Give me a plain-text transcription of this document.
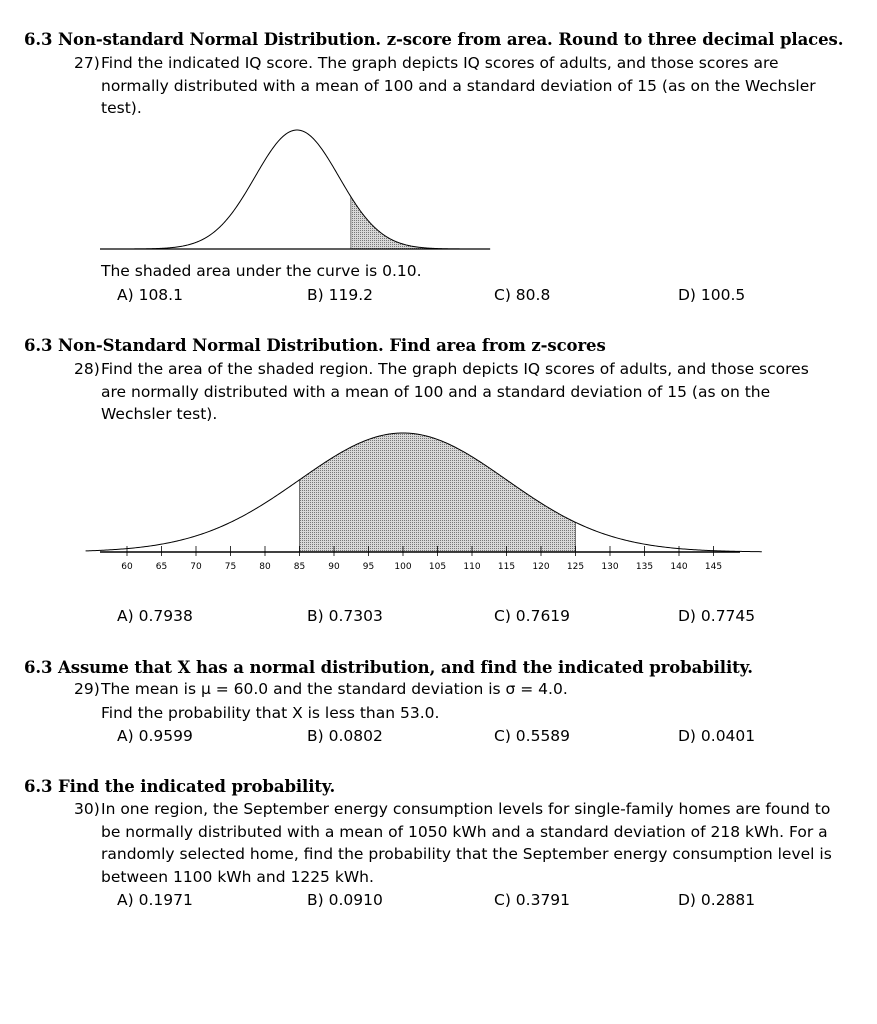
6.3 Non-standard Normal Distribution. z-score from area. Round to three decimal places.
27) Find the indicated IQ score. The graph depicts IQ scores of adults, and those scores are normally distributed with a mean of 100 and a standard deviation of 15 (as on the Wechsler test).
The shaded area under the curve is 0.10.
A) 108.1	B) 119.2	C) 80.8	D) 100.5
6.3 Non-Standard Normal Distribution. Find area from z-scores
28) Find the area of the shaded region. The graph depicts IQ scores of adults, and those scores are normally distributed with a mean of 100 and a standard deviation of 15 (as on the Wechsler test).
60	65	70	75	80	85	90	95 100 105 110 115 120 125 130 135 140 145
A) 0.7938	B) 0.7303	C) 0.7619	D) 0.7745
6.3 Assume that X has a normal distribution, and find the indicated probability.
29)The mean is μ = 60.0 and the standard deviation is σ = 4.0.
Find the probability that X is less than 53.0.
A) 0.9599	B) 0.0802	C) 0.5589	D) 0.0401
6.3 Find the indicated probability.
30) In one region, the September energy consumption levels for single-family homes are found to be normally distributed with a mean of 1050 kWh and a standard deviation of 218 kWh. For a randomly selected home, find the probability that the September energy consumption level is between 1100 kWh and 1225 kWh.
A) 0.1971	B) 0.0910	C) 0.3791	D) 0.2881
